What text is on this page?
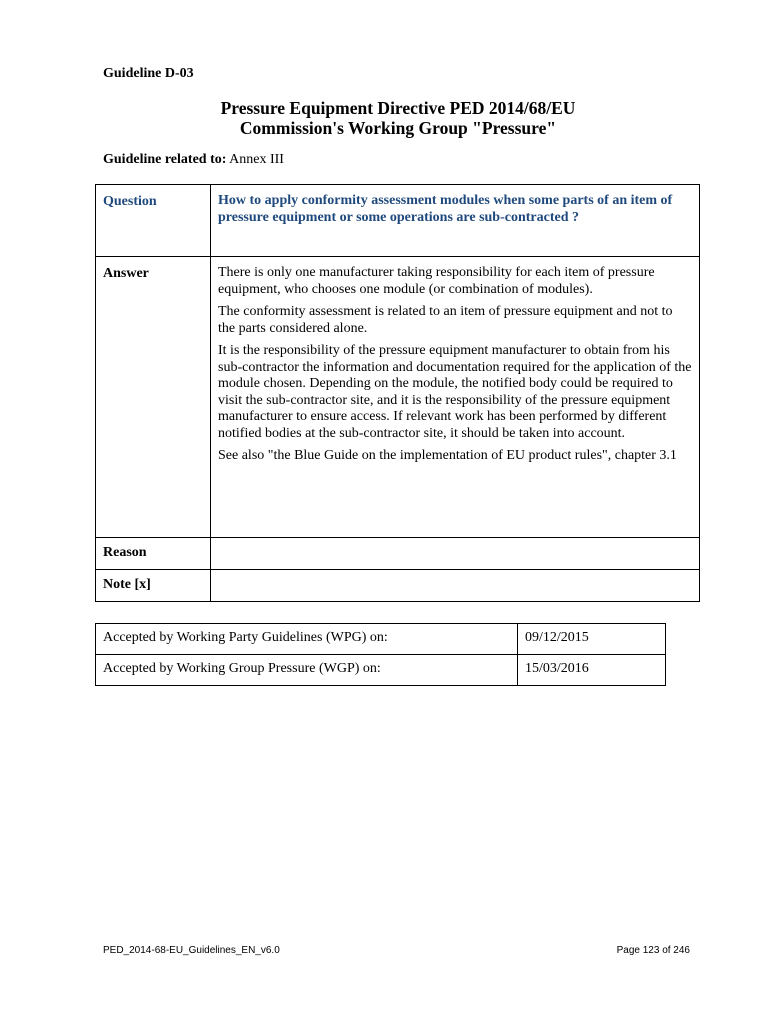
Guideline D-03
Pressure Equipment Directive PED 2014/68/EU
Commission's Working Group "Pressure"
Guideline related to: Annex III
Question	How to apply conformity assessment modules when some parts of an item of pressure equipment or some operations are sub-contracted ?
Answer	There is only one manufacturer taking responsibility for each item of pressure equipment, who chooses one module (or combination of modules).

The conformity assessment is related to an item of pressure equipment and not to the parts considered alone.

It is the responsibility of the pressure equipment manufacturer to obtain from his sub-contractor the information and documentation required for the application of the module chosen. Depending on the module, the notified body could be required to visit the sub-contractor site, and it is the responsibility of the pressure equipment manufacturer to ensure access. If relevant work has been performed by different notified bodies at the sub-contractor site, it should be taken into account.

See also "the Blue Guide on the implementation of EU product rules", chapter 3.1

Reason	
Note [x]	
Accepted by Working Party Guidelines (WPG) on:	09/12/2015
Accepted by Working Group Pressure (WGP) on:	15/03/2016
PED_2014-68-EU_Guidelines_EN_v6.0	Page 123 of 246
